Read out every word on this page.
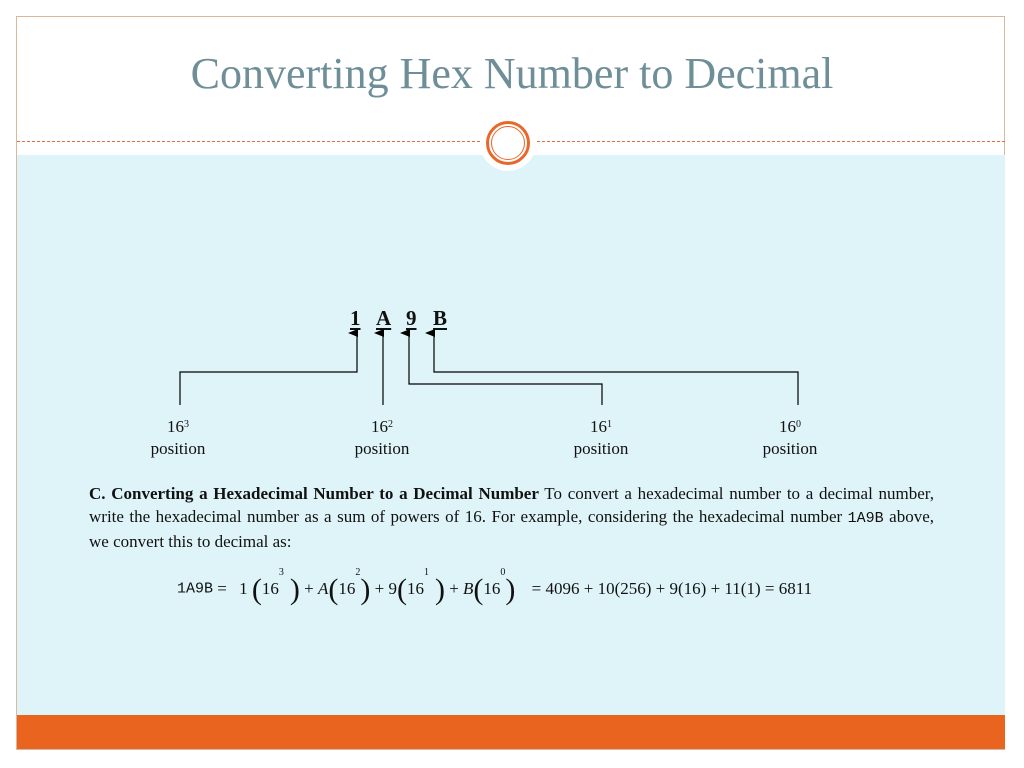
Converting Hex Number to Decimal
1 A 9 B
$16^3$
position
$16^2$
position
$16^1$
position
$16^0$
position
C. Converting a Hexadecimal Number to a Decimal Number To convert a hexadecimal number to a decimal number, write the hexadecimal number as a sum of powers of 16. For example, considering the hexadecimal number 1A9B above, we convert this to decimal as:
1A9B = 1 $(16^3) + A(16^2) + 9(16^1) + B(16^0) = 4096 + 10(256) + 9(16) + 11(1) = 6811$
